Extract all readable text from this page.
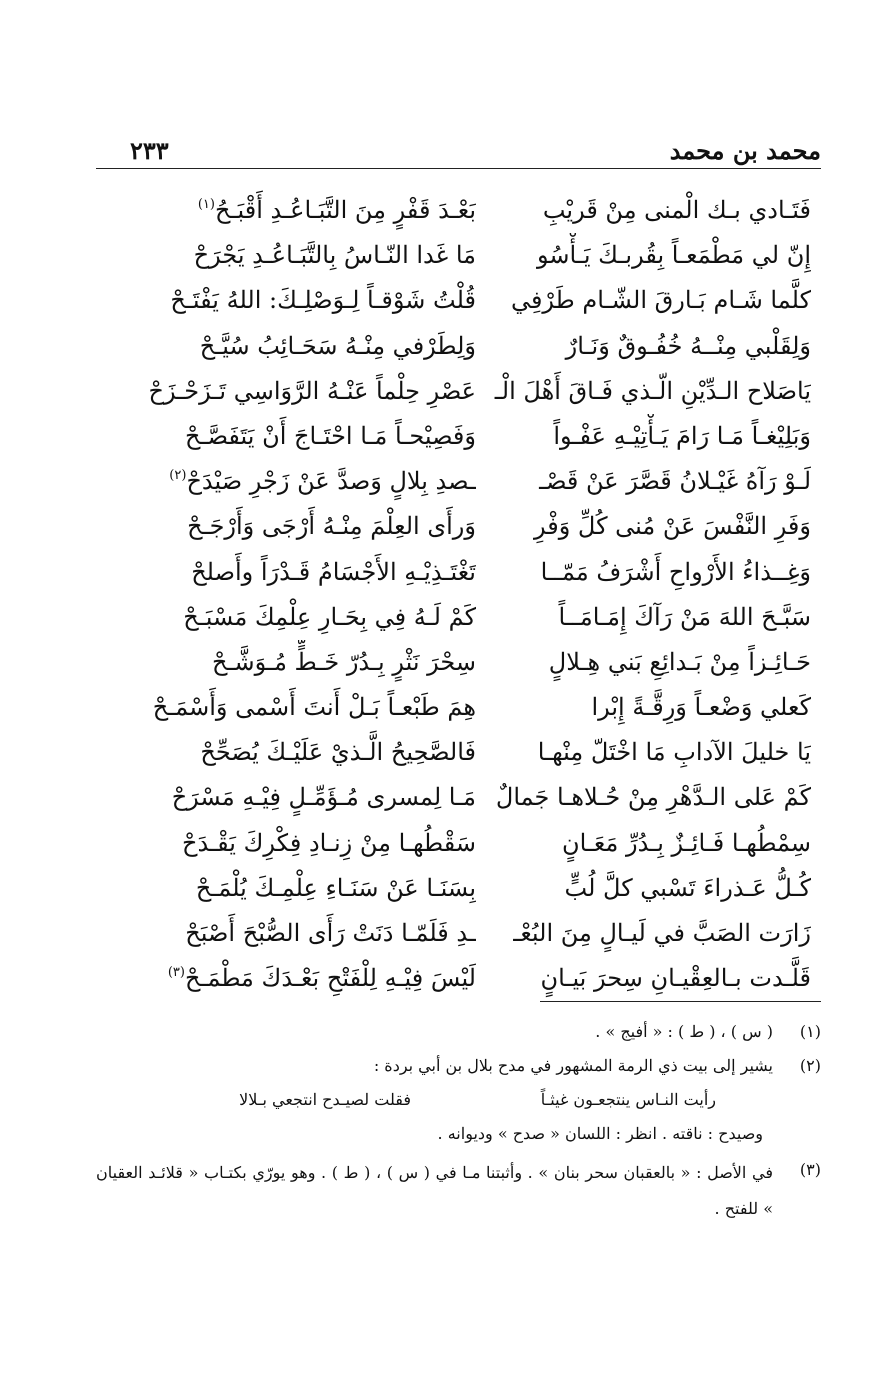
محمد بن محمد
٢٣٣
فَتَـادي بـك الْمنى مِنْ قَريْبِ
إِنّ لي مَطْمَعـاً بِقُربـكَ يَـأْسُو
كلَّما شَـام بَـارقَ الشّـام طَرْفِي
وَلِقَلْبي مِنْــهُ خُفُـوقٌ وَنَـارٌ
يَاصَلاح الـدِّيْنِ الّـذي فَـاقَ أَهْلَ الْـ
وَبَلِيْغـاً مَـا رَامَ يَـأْتِيْـهِ عَفْـواً
لَـوْ رَآهُ غَيْـلانُ قَصَّرَ عَنْ قَصْـ
وَفَرِ النَّفْسَ عَنْ مُنى كُلِّ وَفْرِ
وَغِــذاءُ الأَرْواحِ أَشْرَفُ مَمّــا
سَبَّـحَ اللهَ مَنْ رَآكَ إِمَـامَــاً
حَـائِـزاً مِنْ بَـدائِعِ بَني هِـلالٍ
كَعلي وَضْعـاً وَرِقَّـةً إِبْرا
يَا خليلَ الآدابِ مَا اخْتَلّ مِنْهـا
كَمْ عَلى الـدَّهْرِ مِنْ حُـلاهـا جَمالٌ
سِمْطُهـا فَـائِـزٌ بِـدُرِّ مَعَـانٍ
كُـلُّ عَـذراءَ تَسْبي كلَّ لُبٍّ
زَارَت الصَبَّ في لَيـالٍ مِنَ البُعْـ
قَلَّـدت بـالعِقْيـانِ سِحرَ بَيـانٍ
بَعْـدَ قَفْرٍ مِنَ التَّبَـاعُـدِ أَقْبَـحُ$^{(١)}$
مَا غَدا النّـاسُ بِالتَّبَـاعُـدِ يَجْرَحْ
قُلْتُ شَوْقـاً لِـوَصْلِـكَ: اللهُ يَفْتَـحْ
وَلِطَرْفي مِنْـهُ سَحَـائِبُ سُيَّـحْ
عَصْرِ حِلْماً عَنْـهُ الرَّوَاسِي تَـزَحْـزَحْ
وَفَصِيْحـاً مَـا احْتَـاجَ أَنْ يَتَفَصَّـحْ
ـصدِ بِلالٍ وَصدَّ عَنْ زَجْرِ صَيْدَحْ$^{(٢)}$
وَرأَى العِلْمَ مِنْـهُ أَرْجَى وَأَرْجَـحْ
تَغْتَـذِيْـهِ الأَجْسَامُ قَـدْرَاً وأَصلحْ
كَمْ لَـهُ فِي بِحَـارِ عِلْمِكَ مَسْبَـحْ
سِحْرَ نَثْرٍ بِـدُرّ خَـطٍّ مُـوَشَّـحْ
هِمَ طَبْعـاً بَـلْ أَنتَ أَسْمى وَأَسْمَـحْ
فَالصَّحِيحُ الَّـذيْ عَلَيْـكَ يُصَحِّحْ
مَـا لِمسرى مُـؤَمِّـلٍ فِيْـهِ مَسْرَحْ
سَقْطُهـا مِنْ زِنـادِ فِكْرِكَ يَقْـدَحْ
بِسَنَـا عَنْ سَنَـاءِ عِلْمِـكَ يُلْمَـحْ
ـدِ فَلَمّـا دَنَتْ رَأَى الصُّبْحَ أَصْبَحْ
لَيْسَ فِيْـهِ لِلْفَتْحِ بَعْـدَكَ مَطْمَـحْ$^{(٣)}$
(١)
( س ) ، ( ط ) : « أفيج » .
(٢)
يشير إلى بيت ذي الرمة المشهور في مدح بلال بن أبي بردة :
رأيت النـاس ينتجعـون غيثـاً
فقلت لصيـدح انتجعي بـلالا
وصيدح : ناقته . انظر : اللسان « صدح » وديوانه .
(٣)
في الأصل : « بالعقبان سحر بنان » . وأثبتنا مـا في ( س ) ، ( ط ) . وهو يورّي بكتـاب « قلائـد العقيان » للفتح .
